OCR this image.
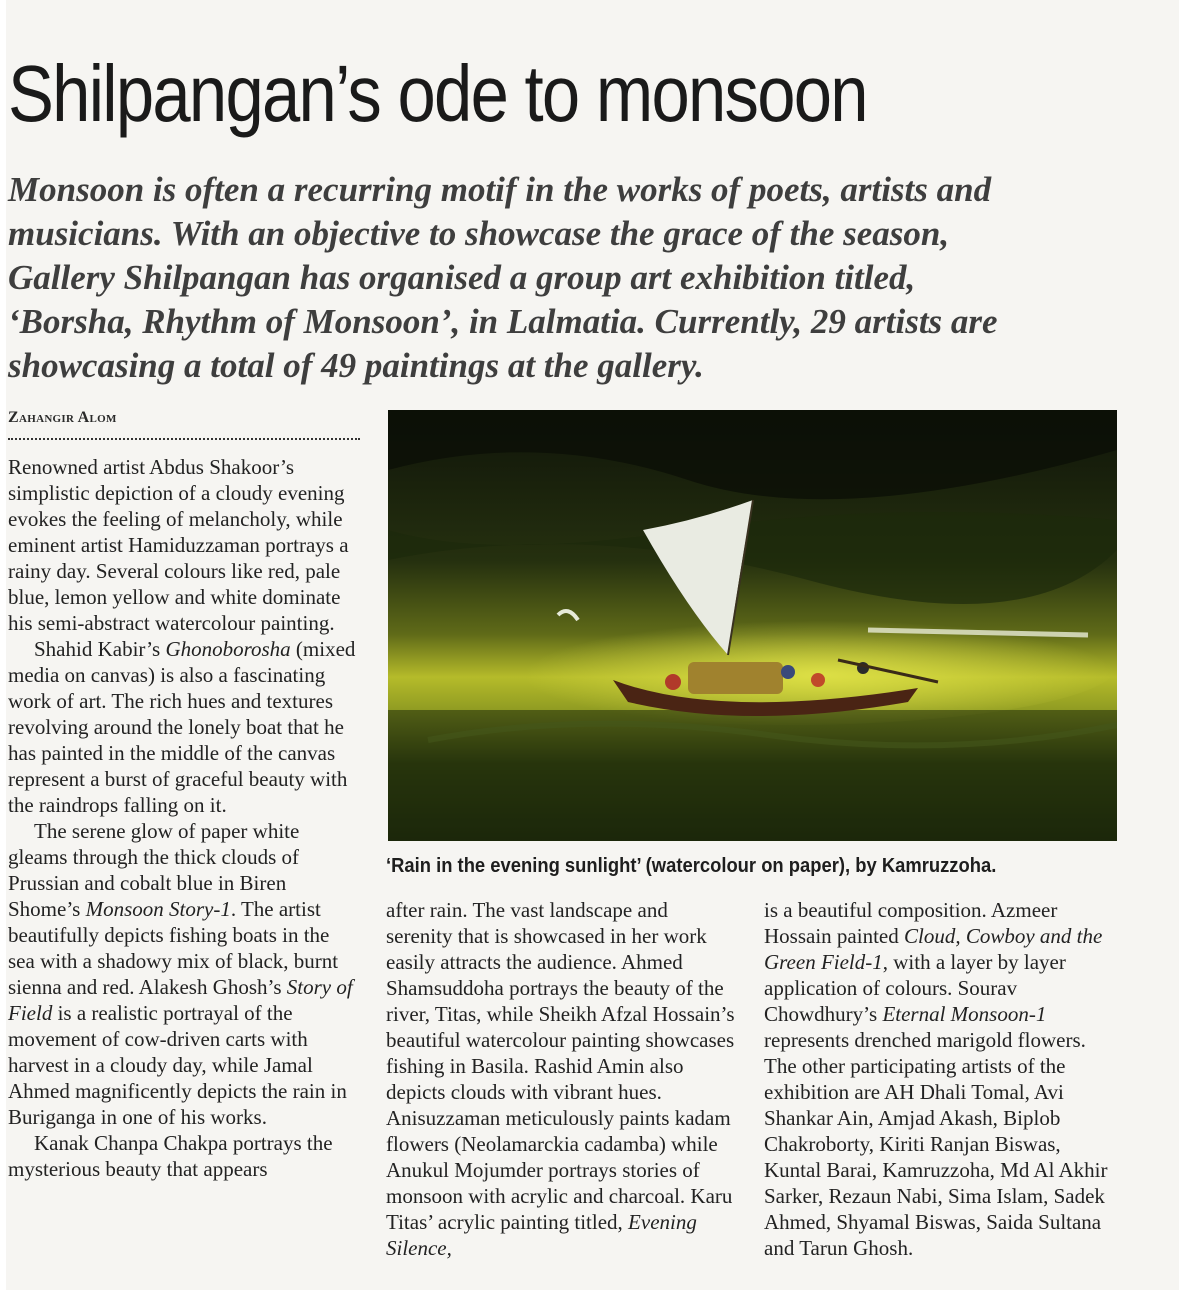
Shilpangan’s ode to monsoon
Monsoon is often a recurring motif in the works of poets, artists and
musicians. With an objective to showcase the grace of the season,
Gallery Shilpangan has organised a group art exhibition titled,
‘Borsha, Rhythm of Monsoon’, in Lalmatia. Currently, 29 artists are
showcasing a total of 49 paintings at the gallery.
Zahangir Alom
‘Rain in the evening sunlight’ (watercolour on paper), by Kamruzzoha.

Renowned artist Abdus Shakoor’s simplistic depiction of a cloudy evening evokes the feeling of melancholy, while eminent artist Hamiduzzaman portrays a rainy day. Several colours like red, pale blue, lemon yellow and white dominate his semi-abstract watercolour painting.

Shahid Kabir’s Ghonoborosha (mixed media on canvas) is also a fascinating work of art. The rich hues and textures revolving around the lonely boat that he has painted in the middle of the canvas represent a burst of graceful beauty with the raindrops falling on it.

The serene glow of paper white gleams through the thick clouds of Prussian and cobalt blue in Biren Shome’s Monsoon Story-1. The artist beautifully depicts fishing boats in the sea with a shadowy mix of black, burnt sienna and red. Alakesh Ghosh’s Story of Field is a realistic portrayal of the movement of cow-driven carts with harvest in a cloudy day, while Jamal Ahmed magnificently depicts the rain in Buriganga in one of his works.

Kanak Chanpa Chakpa portrays the mysterious beauty that appears

after rain. The vast landscape and serenity that is showcased in her work easily attracts the audience. Ahmed Shamsuddoha portrays the beauty of the river, Titas, while Sheikh Afzal Hossain’s beautiful watercolour painting showcases fishing in Basila. Rashid Amin also depicts clouds with vibrant hues. Anisuzzaman meticulously paints kadam flowers (Neolamarckia cadamba) while Anukul Mojumder portrays stories of monsoon with acrylic and charcoal. Karu Titas’ acrylic painting titled, Evening Silence,

is a beautiful composition. Azmeer Hossain painted Cloud, Cowboy and the Green Field-1, with a layer by layer application of colours. Sourav Chowdhury’s Eternal Monsoon-1 represents drenched marigold flowers. The other participating artists of the exhibition are AH Dhali Tomal, Avi Shankar Ain, Amjad Akash, Biplob Chakroborty, Kiriti Ranjan Biswas, Kuntal Barai, Kamruzzoha, Md Al Akhir Sarker, Rezaun Nabi, Sima Islam, Sadek Ahmed, Shyamal Biswas, Saida Sultana and Tarun Ghosh.
